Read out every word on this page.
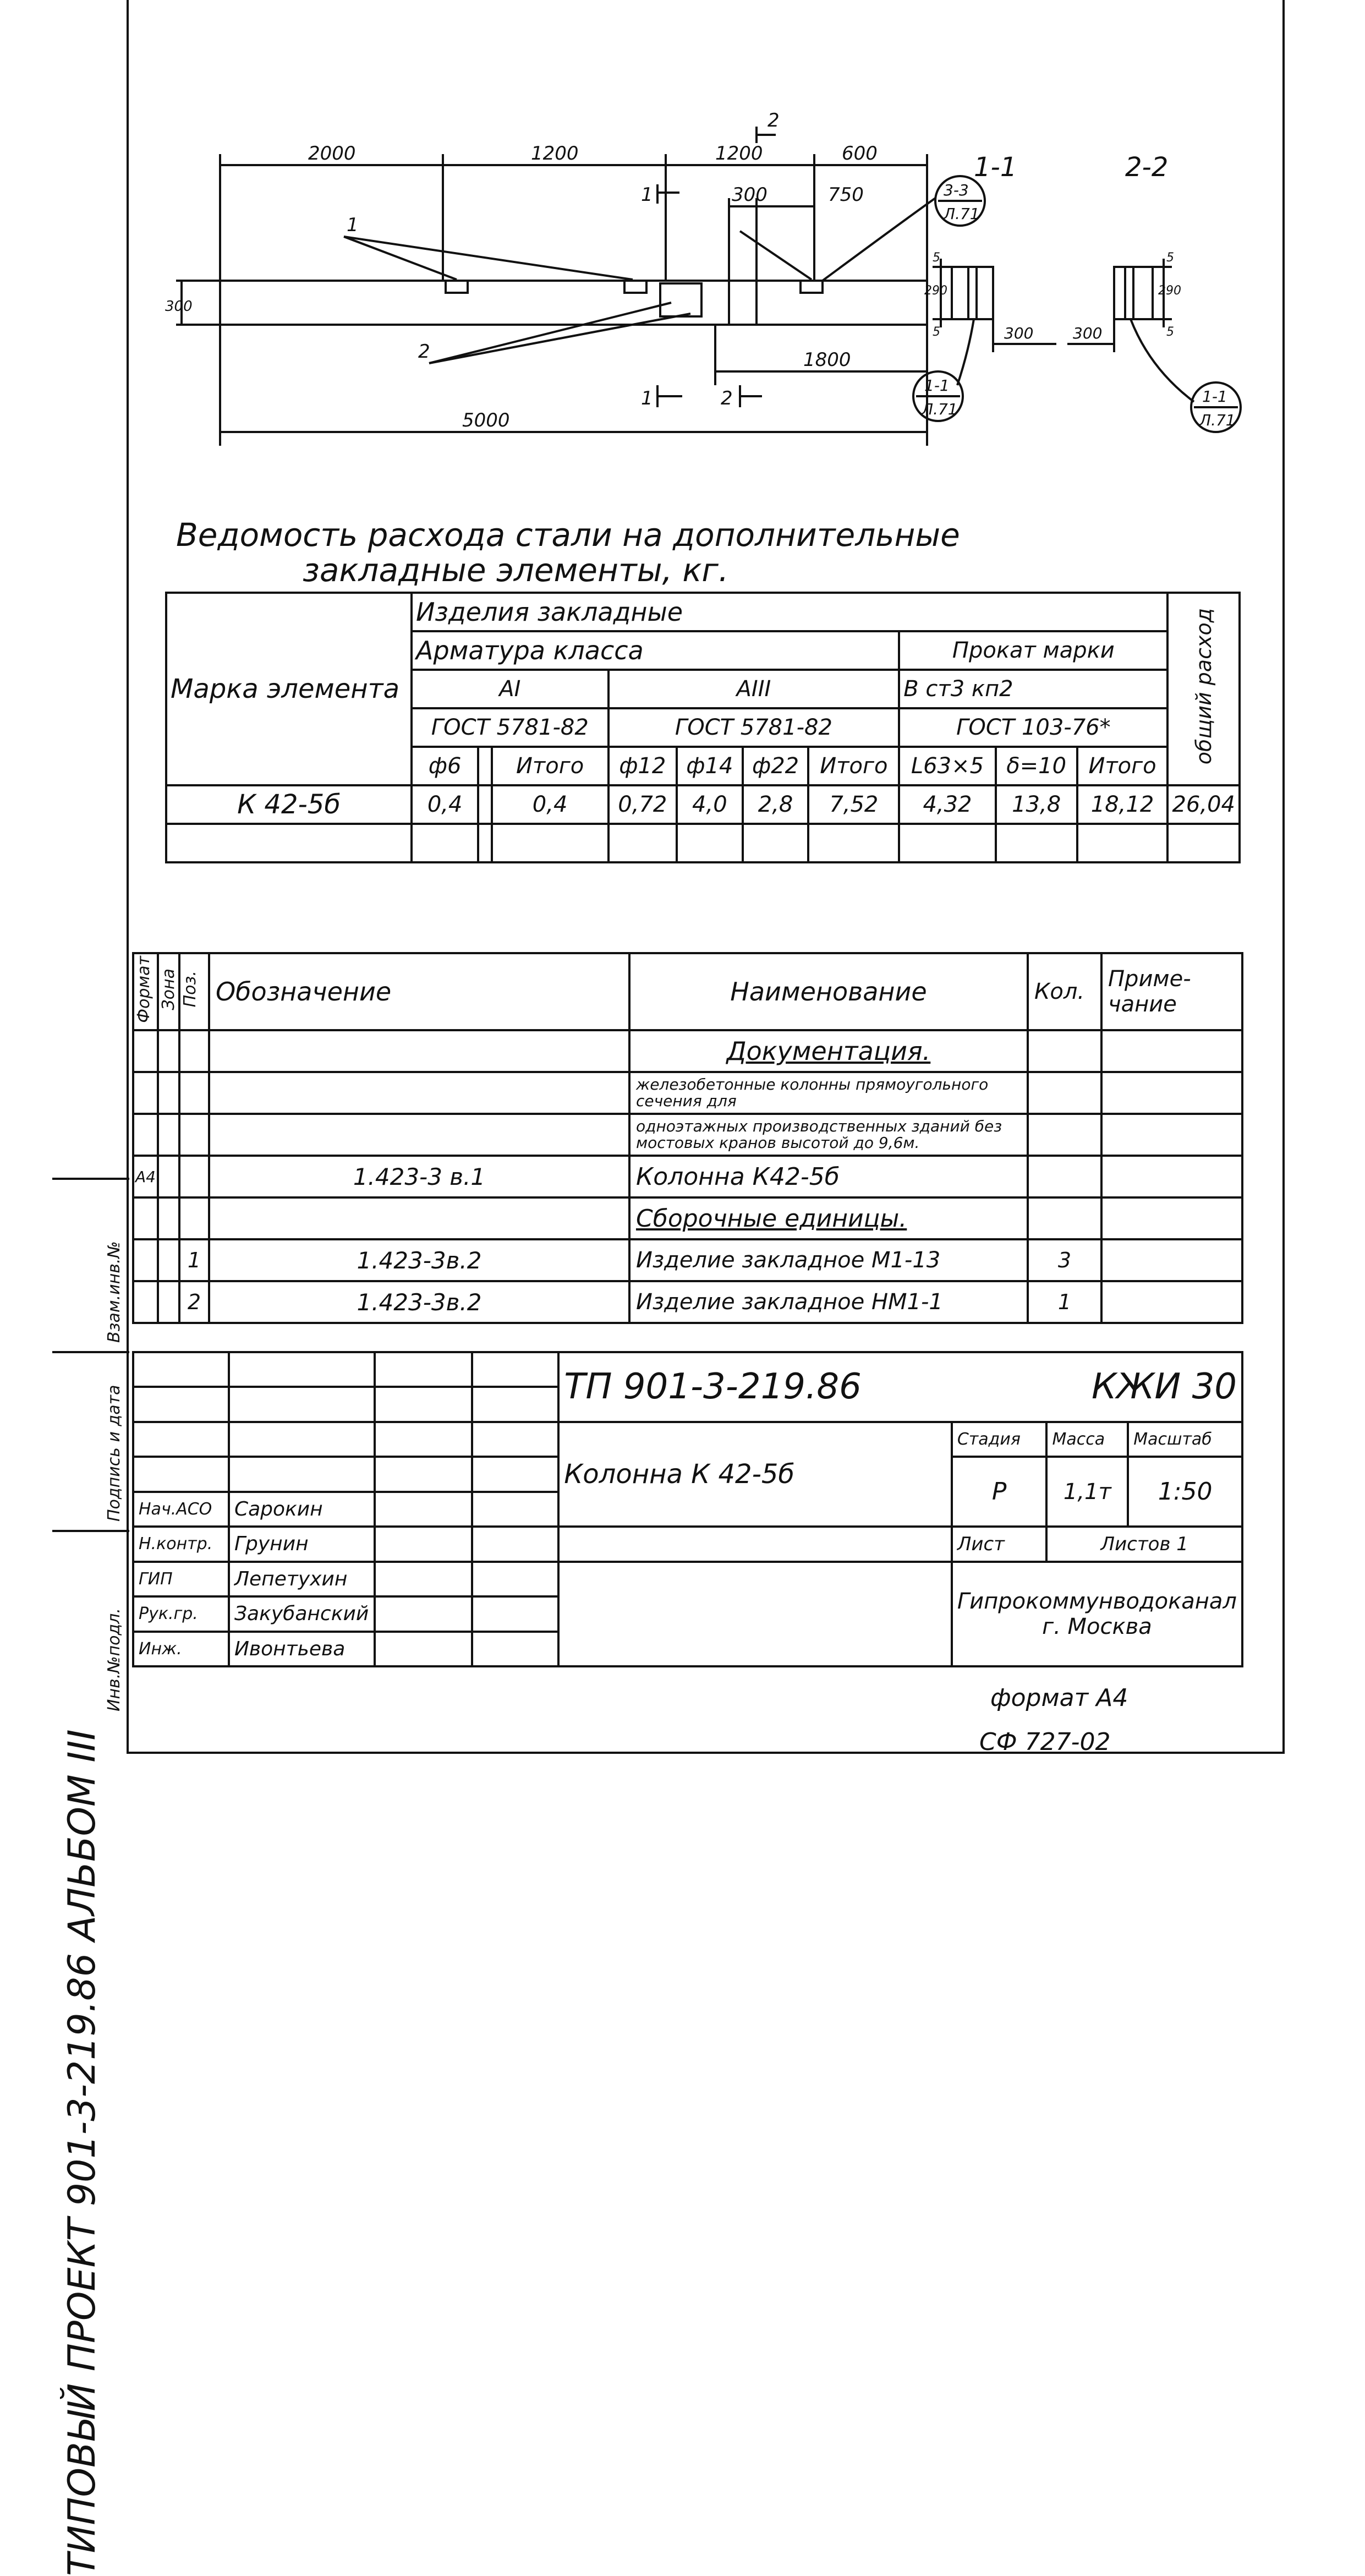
ТИПОВЫЙ ПРОЕКТ 901-3-219.86 АЛЬБОМ III
2000	1200	1200	600
300	750
1800
5000
300
2
1
1	2
1
2
3-3
Л.71
1-1	2-2
5
290
5	300
5
290
5
300
1-1
Л.71
1-1
Л.71
Ведомость расхода стали на дополнительные
закладные элементы, кг.
Марка элемента	Изделия закладные										общий расход
	Арматура класса							Прокат марки			
	АI			АIII				В ст3 кп2			
	ГОСТ 5781-82			ГОСТ 5781-82				ГОСТ 103-76*			
	ф6		Итого	ф12	ф14	ф22	Итого	L63×5	δ=10	Итого	
К 42-5б	0,4		0,4	0,72	4,0	2,8	7,52	4,32	13,8	18,12	26,04

Формат	Зона	Поз.	Обозначение	Наименование	Кол.	Приме-чание
				Документация.		
				железобетонные колонны прямоугольного сечения для		
				одноэтажных производственных зданий без мостовых кранов высотой до 9,6м.		
А4			1.423-3 в.1	Колонна К42-5б		
				Сборочные единицы.		
		1	1.423-3в.2	Изделие закладное М1-13	3	
		2	1.423-3в.2	Изделие закладное НМ1-1	1	
				ТП 901-3-219.86 КЖИ 30			

				Колонна К 42-5б	Стадия	Масса	Масштаб
					Р	1,1т	1:50
Нач.АСО	Сарокин						
Н.контр.	Грунин				Лист	Листов 1	
ГИП	Лепетухин				Гипрокоммунводоканал г. Москва		
Рук.гр.	Закубанский						
Инж.	Ивонтьева						
Взам.инв.№
Подпись и дата
Инв.№подл.	формат А4
СФ 727-02
